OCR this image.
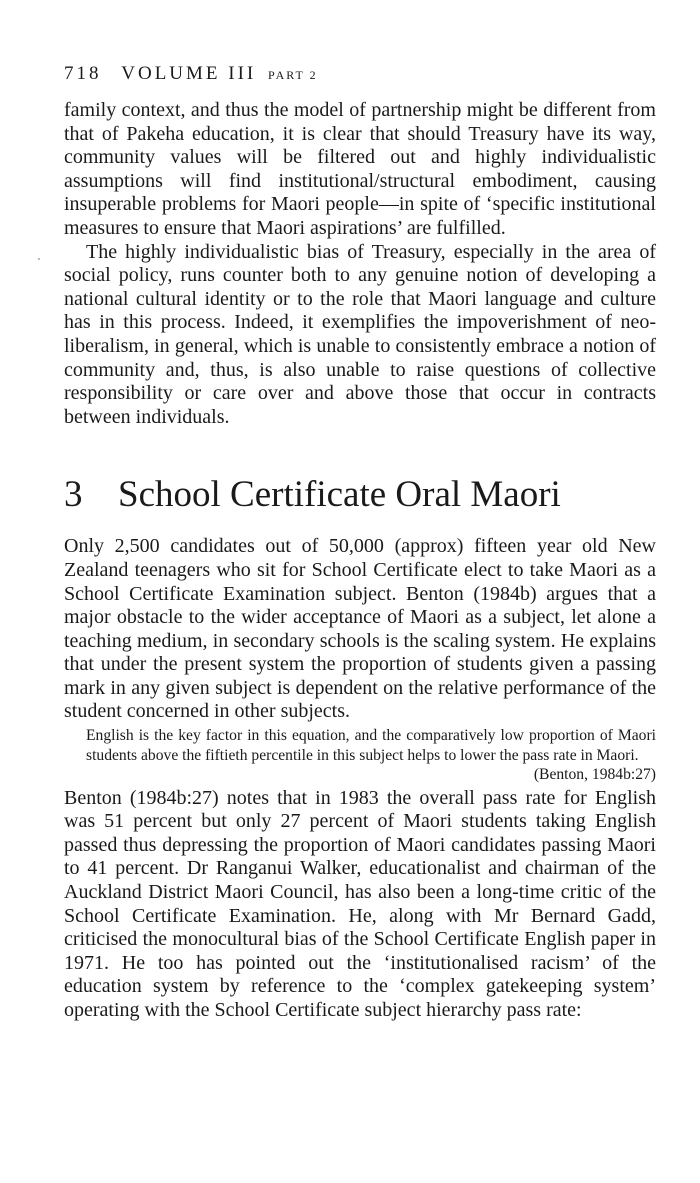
718 VOLUME III PART 2

family context, and thus the model of partnership might be different from that of Pakeha education, it is clear that should Treasury have its way, community values will be filtered out and highly individualistic assumptions will find institutional/structural embodiment, causing insuperable problems for Maori people—in spite of ‘specific institutional measures to ensure that Maori aspirations’ are fulfilled.

The highly individualistic bias of Treasury, especially in the area of social policy, runs counter both to any genuine notion of developing a national cultural identity or to the role that Maori language and culture has in this process. Indeed, it exemplifies the impoverishment of neo-liberalism, in general, which is unable to consistently embrace a notion of community and, thus, is also unable to raise questions of collective responsibility or care over and above those that occur in contracts between individuals.

3 School Certificate Oral Maori

Only 2,500 candidates out of 50,000 (approx) fifteen year old New Zealand teenagers who sit for School Certificate elect to take Maori as a School Certificate Examination subject. Benton (1984b) argues that a major obstacle to the wider acceptance of Maori as a subject, let alone a teaching medium, in secondary schools is the scaling system. He explains that under the present system the proportion of students given a passing mark in any given subject is dependent on the relative performance of the student concerned in other subjects.

English is the key factor in this equation, and the comparatively low proportion of Maori students above the fiftieth percentile in this subject helps to lower the pass rate in Maori.
(Benton, 1984b:27)

Benton (1984b:27) notes that in 1983 the overall pass rate for English was 51 percent but only 27 percent of Maori students taking English passed thus depressing the proportion of Maori candidates passing Maori to 41 percent. Dr Ranganui Walker, educationalist and chairman of the Auckland District Maori Council, has also been a long-time critic of the School Certificate Examination. He, along with Mr Bernard Gadd, criticised the monocultural bias of the School Certificate English paper in 1971. He too has pointed out the ‘institutionalised racism’ of the education system by reference to the ‘complex gatekeeping system’ operating with the School Certificate subject hierarchy pass rate:
